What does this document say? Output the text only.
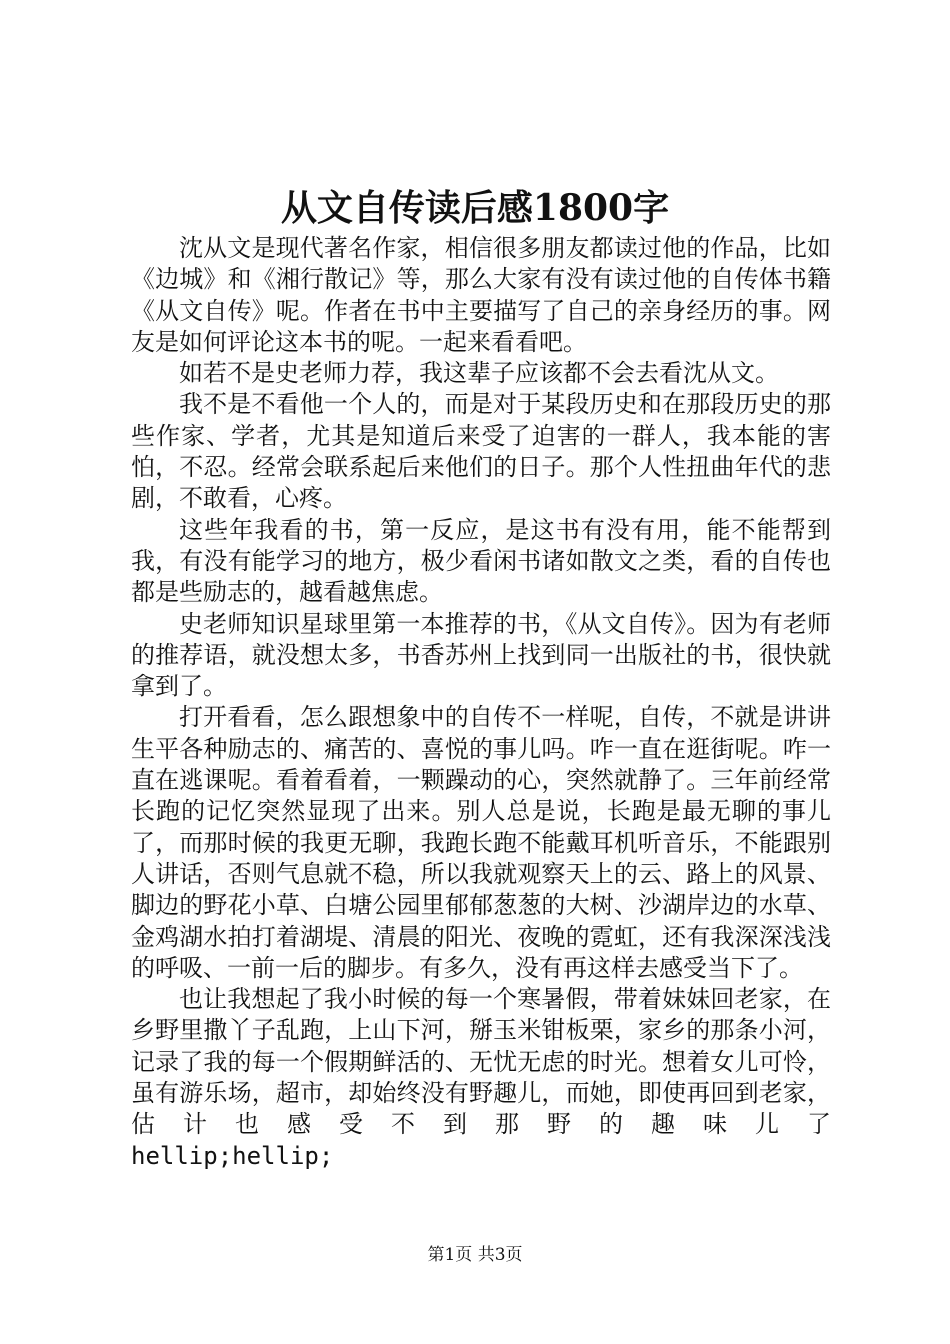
从文自传读后感1800字

沈从文是现代著名作家，相信很多朋友都读过他的作品，比如《边城》和《湘行散记》等，那么大家有没有读过他的自传体书籍《从文自传》呢。作者在书中主要描写了自己的亲身经历的事。网友是如何评论这本书的呢。一起来看看吧。

如若不是史老师力荐，我这辈子应该都不会去看沈从文。

我不是不看他一个人的，而是对于某段历史和在那段历史的那些作家、学者，尤其是知道后来受了迫害的一群人，我本能的害怕，不忍。经常会联系起后来他们的日子。那个人性扭曲年代的悲剧，不敢看，心疼。

这些年我看的书，第一反应，是这书有没有用，能不能帮到我，有没有能学习的地方，极少看闲书诸如散文之类，看的自传也都是些励志的，越看越焦虑。

史老师知识星球里第一本推荐的书，《从文自传》。因为有老师的推荐语，就没想太多，书香苏州上找到同一出版社的书，很快就拿到了。

打开看看，怎么跟想象中的自传不一样呢，自传，不就是讲讲生平各种励志的、痛苦的、喜悦的事儿吗。咋一直在逛街呢。咋一直在逃课呢。看着看着，一颗躁动的心，突然就静了。三年前经常长跑的记忆突然显现了出来。别人总是说，长跑是最无聊的事儿了，而那时候的我更无聊，我跑长跑不能戴耳机听音乐，不能跟别人讲话，否则气息就不稳，所以我就观察天上的云、路上的风景、脚边的野花小草、白塘公园里郁郁葱葱的大树、沙湖岸边的水草、金鸡湖水拍打着湖堤、清晨的阳光、夜晚的霓虹，还有我深深浅浅的呼吸、一前一后的脚步。有多久，没有再这样去感受当下了。

也让我想起了我小时候的每一个寒暑假，带着妹妹回老家，在乡野里撒丫子乱跑，上山下河，掰玉米钳板栗，家乡的那条小河，记录了我的每一个假期鲜活的、无忧无虑的时光。想着女儿可怜，虽有游乐场，超市，却始终没有野趣儿，而她，即使再回到老家，估计也感受不到那野的趣味儿了

hellip;hellip;

第1页 共3页
